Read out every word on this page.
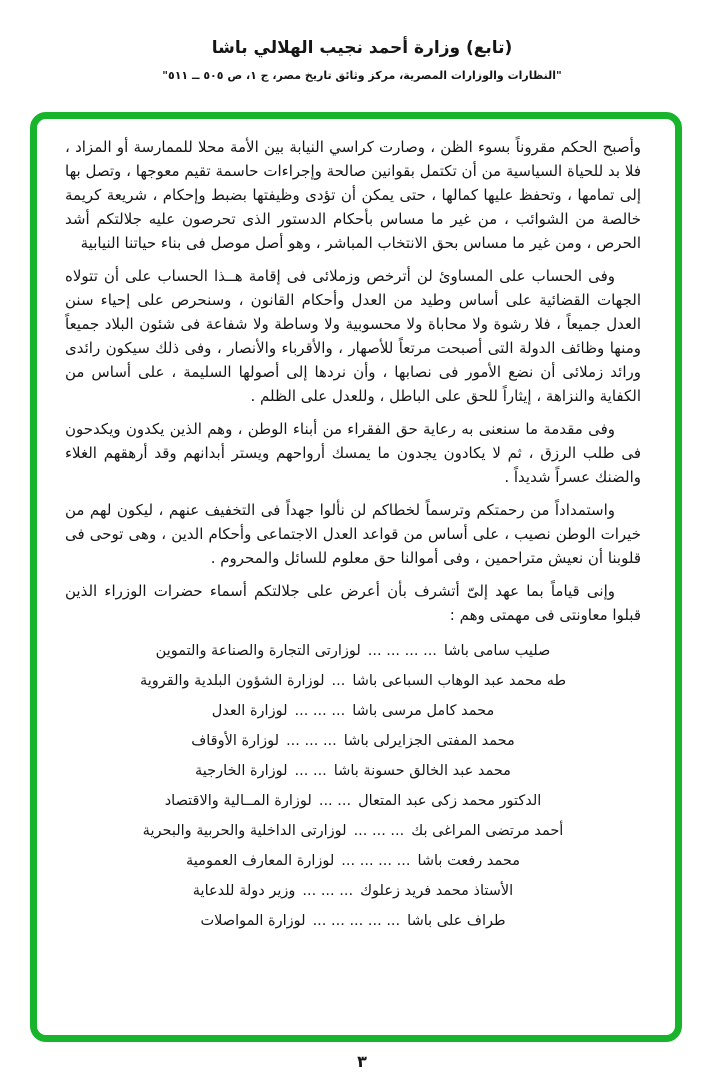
(تابع) وزارة أحمد نجيب الهلالي باشا
"النظارات والوزارات المصرية، مركز وثائق تاريخ مصر، ج ١، ص ٥٠٥ ــ ٥١١"

وأصبح الحكم مقروناً بسوء الظن ، وصارت كراسي النيابة بين الأمة محلا للممارسة أو المزاد ، فلا بد للحياة السياسية من أن تكتمل بقوانين صالحة وإجراءات حاسمة تقيم معوجها ، وتصل بها إلى تمامها ، وتحفظ عليها كمالها ، حتى يمكن أن تؤدى وظيفتها بضبط وإحكام ، شريعة كريمة خالصة من الشوائب ، من غير ما مساس بأحكام الدستور الذى تحرصون عليه جلالتكم أشد الحرص ، ومن غير ما مساس بحق الانتخاب المباشر ، وهو أصل موصل فى بناء حياتنا النيابية

وفى الحساب على المساوئ لن أترخص وزملائى فى إقامة هــذا الحساب على أن تتولاه الجهات القضائية على أساس وطيد من العدل وأحكام القانون ، وسنحرص على إحياء سنن العدل جميعاً ، فلا رشوة ولا محاباة ولا محسوبية ولا وساطة ولا شفاعة فى شئون البلاد جميعاً ومنها وظائف الدولة التى أصبحت مرتعاً للأصهار ، والأقرباء والأنصار ، وفى ذلك سيكون رائدى ورائد زملائى أن نضع الأمور فى نصابها ، وأن نردها إلى أصولها السليمة ، على أساس من الكفاية والنزاهة ، إيثاراً للحق على الباطل ، وللعدل على الظلم .

وفى مقدمة ما سنعنى به رعاية حق الفقراء من أبناء الوطن ، وهم الذين يكدون ويكدحون فى طلب الرزق ، ثم لا يكادون يجدون ما يمسك أرواحهم ويستر أبدانهم وقد أرهقهم الغلاء والضنك عسراً شديداً .

واستمداداً من رحمتكم وترسماً لخطاكم لن نألوا جهداً فى التخفيف عنهم ، ليكون لهم من خيرات الوطن نصيب ، على أساس من قواعد العدل الاجتماعى وأحكام الدين ، وهى توحى فى قلوبنا أن نعيش متراحمين ، وفى أموالنا حق معلوم للسائل والمحروم .

وإنى قياماً بما عهد إلىّ أتشرف بأن أعرض على جلالتكم أسماء حضرات الوزراء الذين قبلوا معاونتى فى مهمتى وهم :

صليب سامى باشا... ... ... ...لوزارتى التجارة والصناعة والتموين
طه محمد عبد الوهاب السباعى باشا...لوزارة الشؤون البلدية والقروية
محمد كامل مرسى باشا... ... ...لوزارة العدل
محمد المفتى الجزايرلى باشا... ... ...لوزارة الأوقاف
محمد عبد الخالق حسونة باشا... ...لوزارة الخارجية
الدكتور محمد زكى عبد المتعال... ...لوزارة المــالية والاقتصاد
أحمد مرتضى المراغى بك... ... ...لوزارتى الداخلية والحربية والبحرية
محمد رفعت باشا... ... ... ...لوزارة المعارف العمومية
الأستاذ محمد فريد زعلوك... ... ...وزير دولة للدعاية
طراف على باشا... ... ... ... ...لوزارة المواصلات
٣
